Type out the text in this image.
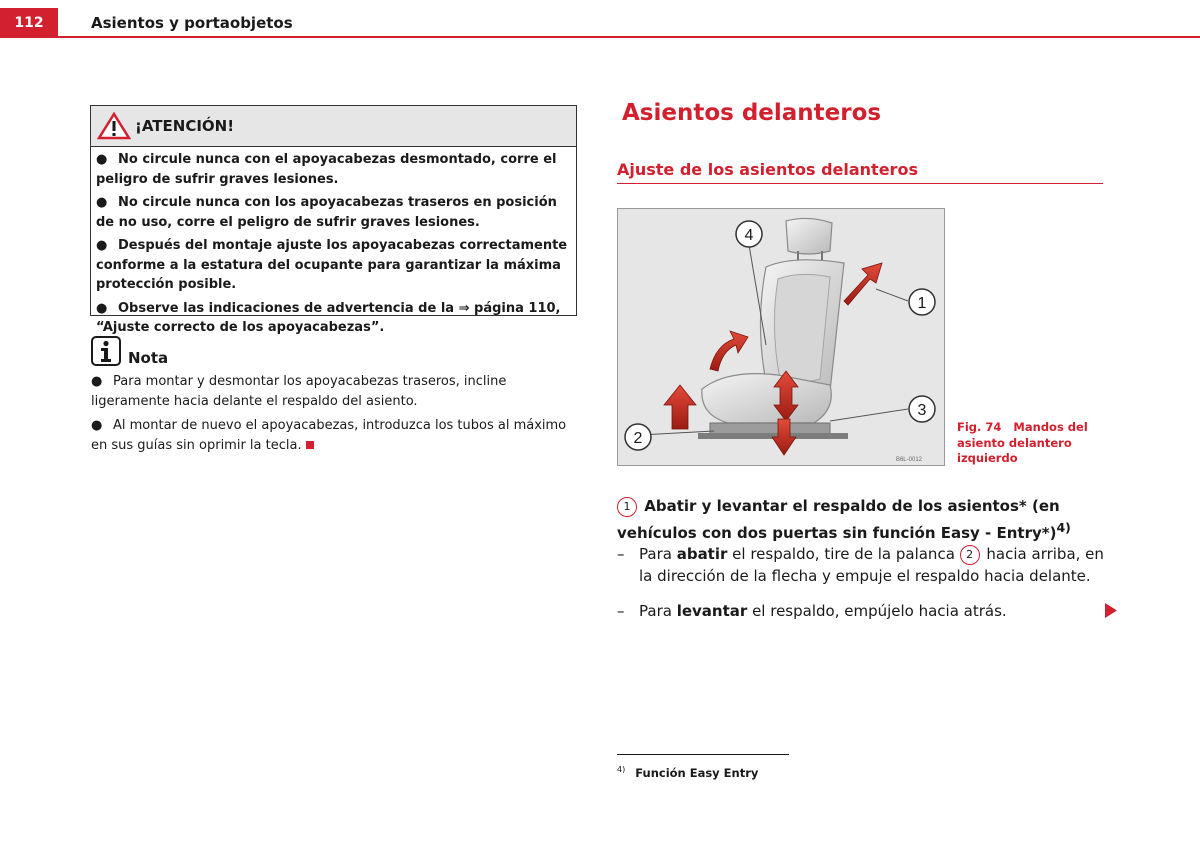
112	Asientos y portaobjetos
¡ATENCIÓN!
● No circule nunca con el apoyacabezas desmontado, corre el peligro de sufrir graves lesiones.
● No circule nunca con los apoyacabezas traseros en posición de no uso, corre el peligro de sufrir graves lesiones.
● Después del montaje ajuste los apoyacabezas correctamente conforme a la estatura del ocupante para garantizar la máxima protección posible.
● Observe las indicaciones de advertencia de la ⇒ página 110, “Ajuste correcto de los apoyacabezas”.
Nota
● Para montar y desmontar los apoyacabezas traseros, incline ligeramente hacia delante el respaldo del asiento.
● Al montar de nuevo el apoyacabezas, introduzca los tubos al máximo en sus guías sin oprimir la tecla.
Asientos delanteros
Ajuste de los asientos delanteros
4
1
3
2
B6L-0012
Fig. 74 Mandos del asiento delantero izquierdo
1 Abatir y levantar el respaldo de los asientos* (en vehículos con dos puertas sin función Easy - Entry*)$^{4)}$
– Para abatir el respaldo, tire de la palanca 2 hacia arriba, en la dirección de la flecha y empuje el respaldo hacia delante.
– Para levantar el respaldo, empújelo hacia atrás.
$^{4)}$ Función Easy Entry
